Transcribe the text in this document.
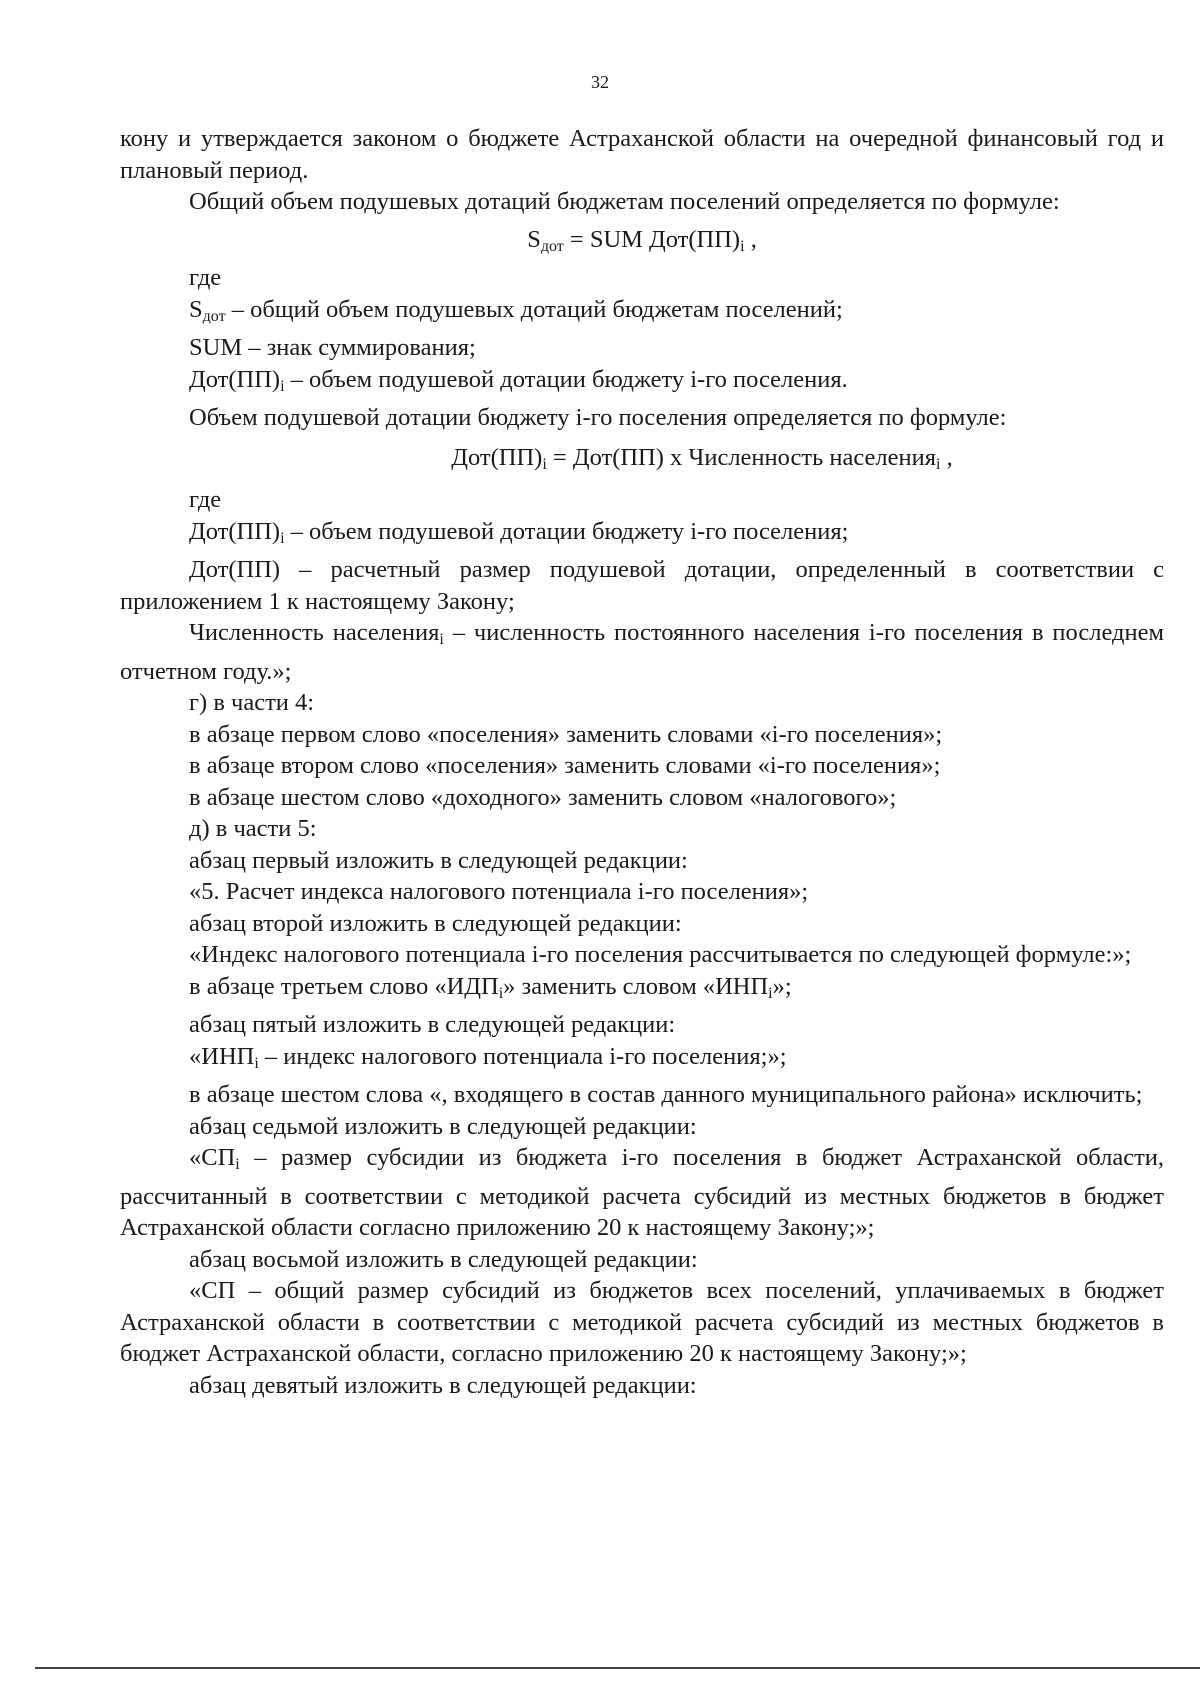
32

кону и утверждается законом о бюджете Астраханской области на очередной финансовый год и плановый период.

Общий объем подушевых дотаций бюджетам поселений определяется по формуле:

$S_{дот}$ = SUM $Дот(ПП)_i$ ,

где

$S_{дот}$ – общий объем подушевых дотаций бюджетам поселений;

SUM – знак суммирования;

$Дот(ПП)_i$ – объем подушевой дотации бюджету i-го поселения.

Объем подушевой дотации бюджету i-го поселения определяется по формуле:

$Дот(ПП)_i = Дот(ПП)$ х Численность населения$_i$ ,

где

$Дот(ПП)_i$ – объем подушевой дотации бюджету i-го поселения;

Дот(ПП) – расчетный размер подушевой дотации, определенный в соответствии с приложением 1 к настоящему Закону;

Численность населения$_i$ – численность постоянного населения i-го поселения в последнем отчетном году.»;

г) в части 4:

в абзаце первом слово «поселения» заменить словами «i-го поселения»;

в абзаце втором слово «поселения» заменить словами «i-го поселения»;

в абзаце шестом слово «доходного» заменить словом «налогового»;

д) в части 5:

абзац первый изложить в следующей редакции:

«5. Расчет индекса налогового потенциала i-го поселения»;

абзац второй изложить в следующей редакции:

«Индекс налогового потенциала i-го поселения рассчитывается по следующей формуле:»;

в абзаце третьем слово «$ИДП_i$» заменить словом «$ИНП_i$»;

абзац пятый изложить в следующей редакции:

«$ИНП_i$ – индекс налогового потенциала i-го поселения;»;

в абзаце шестом слова «, входящего в состав данного муниципального района» исключить;

абзац седьмой изложить в следующей редакции:

«$СП_i$ – размер субсидии из бюджета i-го поселения в бюджет Астраханской области, рассчитанный в соответствии с методикой расчета субсидий из местных бюджетов в бюджет Астраханской области согласно приложению 20 к настоящему Закону;»;

абзац восьмой изложить в следующей редакции:

«СП – общий размер субсидий из бюджетов всех поселений, уплачиваемых в бюджет Астраханской области в соответствии с методикой расчета субсидий из местных бюджетов в бюджет Астраханской области, согласно приложению 20 к настоящему Закону;»;

абзац девятый изложить в следующей редакции:
